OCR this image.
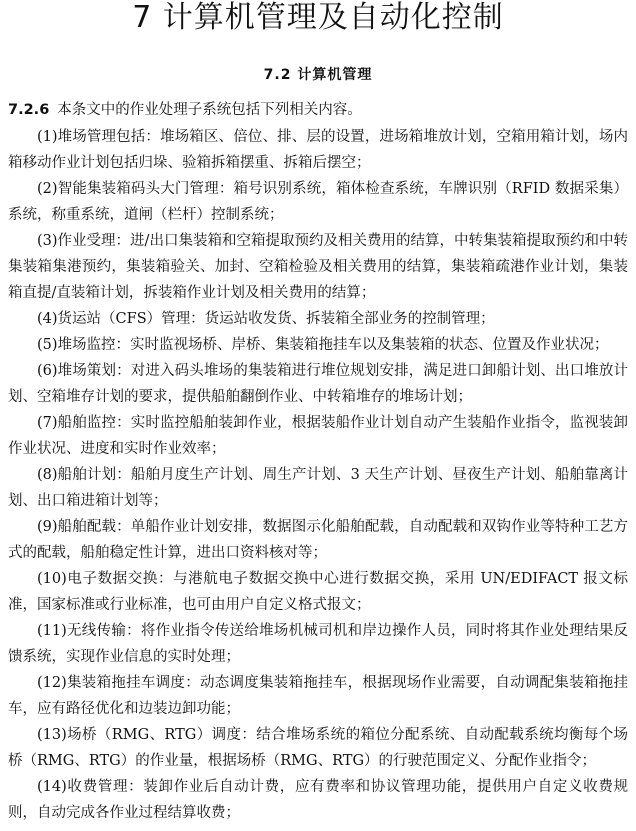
7 计算机管理及自动化控制
7.2 计算机管理

7.2.6 本条文中的作业处理子系统包括下列相关内容。

(1)堆场管理包括：堆场箱区、倍位、排、层的设置，进场箱堆放计划，空箱用箱计划，场内箱移动作业计划包括归垛、验箱拆箱摆重、拆箱后摆空；

(2)智能集装箱码头大门管理：箱号识别系统，箱体检查系统，车牌识别（RFID 数据采集）系统，称重系统，道闸（栏杆）控制系统；

(3)作业受理：进/出口集装箱和空箱提取预约及相关费用的结算，中转集装箱提取预约和中转集装箱集港预约，集装箱验关、加封、空箱检验及相关费用的结算，集装箱疏港作业计划，集装箱直提/直装箱计划，拆装箱作业计划及相关费用的结算；

(4)货运站（CFS）管理：货运站收发货、拆装箱全部业务的控制管理；

(5)堆场监控：实时监视场桥、岸桥、集装箱拖挂车以及集装箱的状态、位置及作业状况；

(6)堆场策划：对进入码头堆场的集装箱进行堆位规划安排，满足进口卸船计划、出口堆放计划、空箱堆存计划的要求，提供船舶翻倒作业、中转箱堆存的堆场计划；

(7)船舶监控：实时监控船舶装卸作业，根据装船作业计划自动产生装船作业指令，监视装卸作业状况、进度和实时作业效率；

(8)船舶计划：船舶月度生产计划、周生产计划、3 天生产计划、昼夜生产计划、船舶靠离计划、出口箱进箱计划等；

(9)船舶配载：单船作业计划安排，数据图示化船舶配载，自动配载和双钩作业等特种工艺方式的配载，船舶稳定性计算，进出口资料核对等；

(10)电子数据交换：与港航电子数据交换中心进行数据交换，采用 UN/EDIFACT 报文标准，国家标准或行业标准，也可由用户自定义格式报文；

(11)无线传输：将作业指令传送给堆场机械司机和岸边操作人员，同时将其作业处理结果反馈系统，实现作业信息的实时处理；

(12)集装箱拖挂车调度：动态调度集装箱拖挂车，根据现场作业需要，自动调配集装箱拖挂车，应有路径优化和边装边卸功能；

(13)场桥（RMG、RTG）调度：结合堆场系统的箱位分配系统、自动配载系统均衡每个场桥（RMG、RTG）的作业量，根据场桥（RMG、RTG）的行驶范围定义、分配作业指令；

(14)收费管理：装卸作业后自动计费，应有费率和协议管理功能，提供用户自定义收费规则，自动完成各作业过程结算收费；
